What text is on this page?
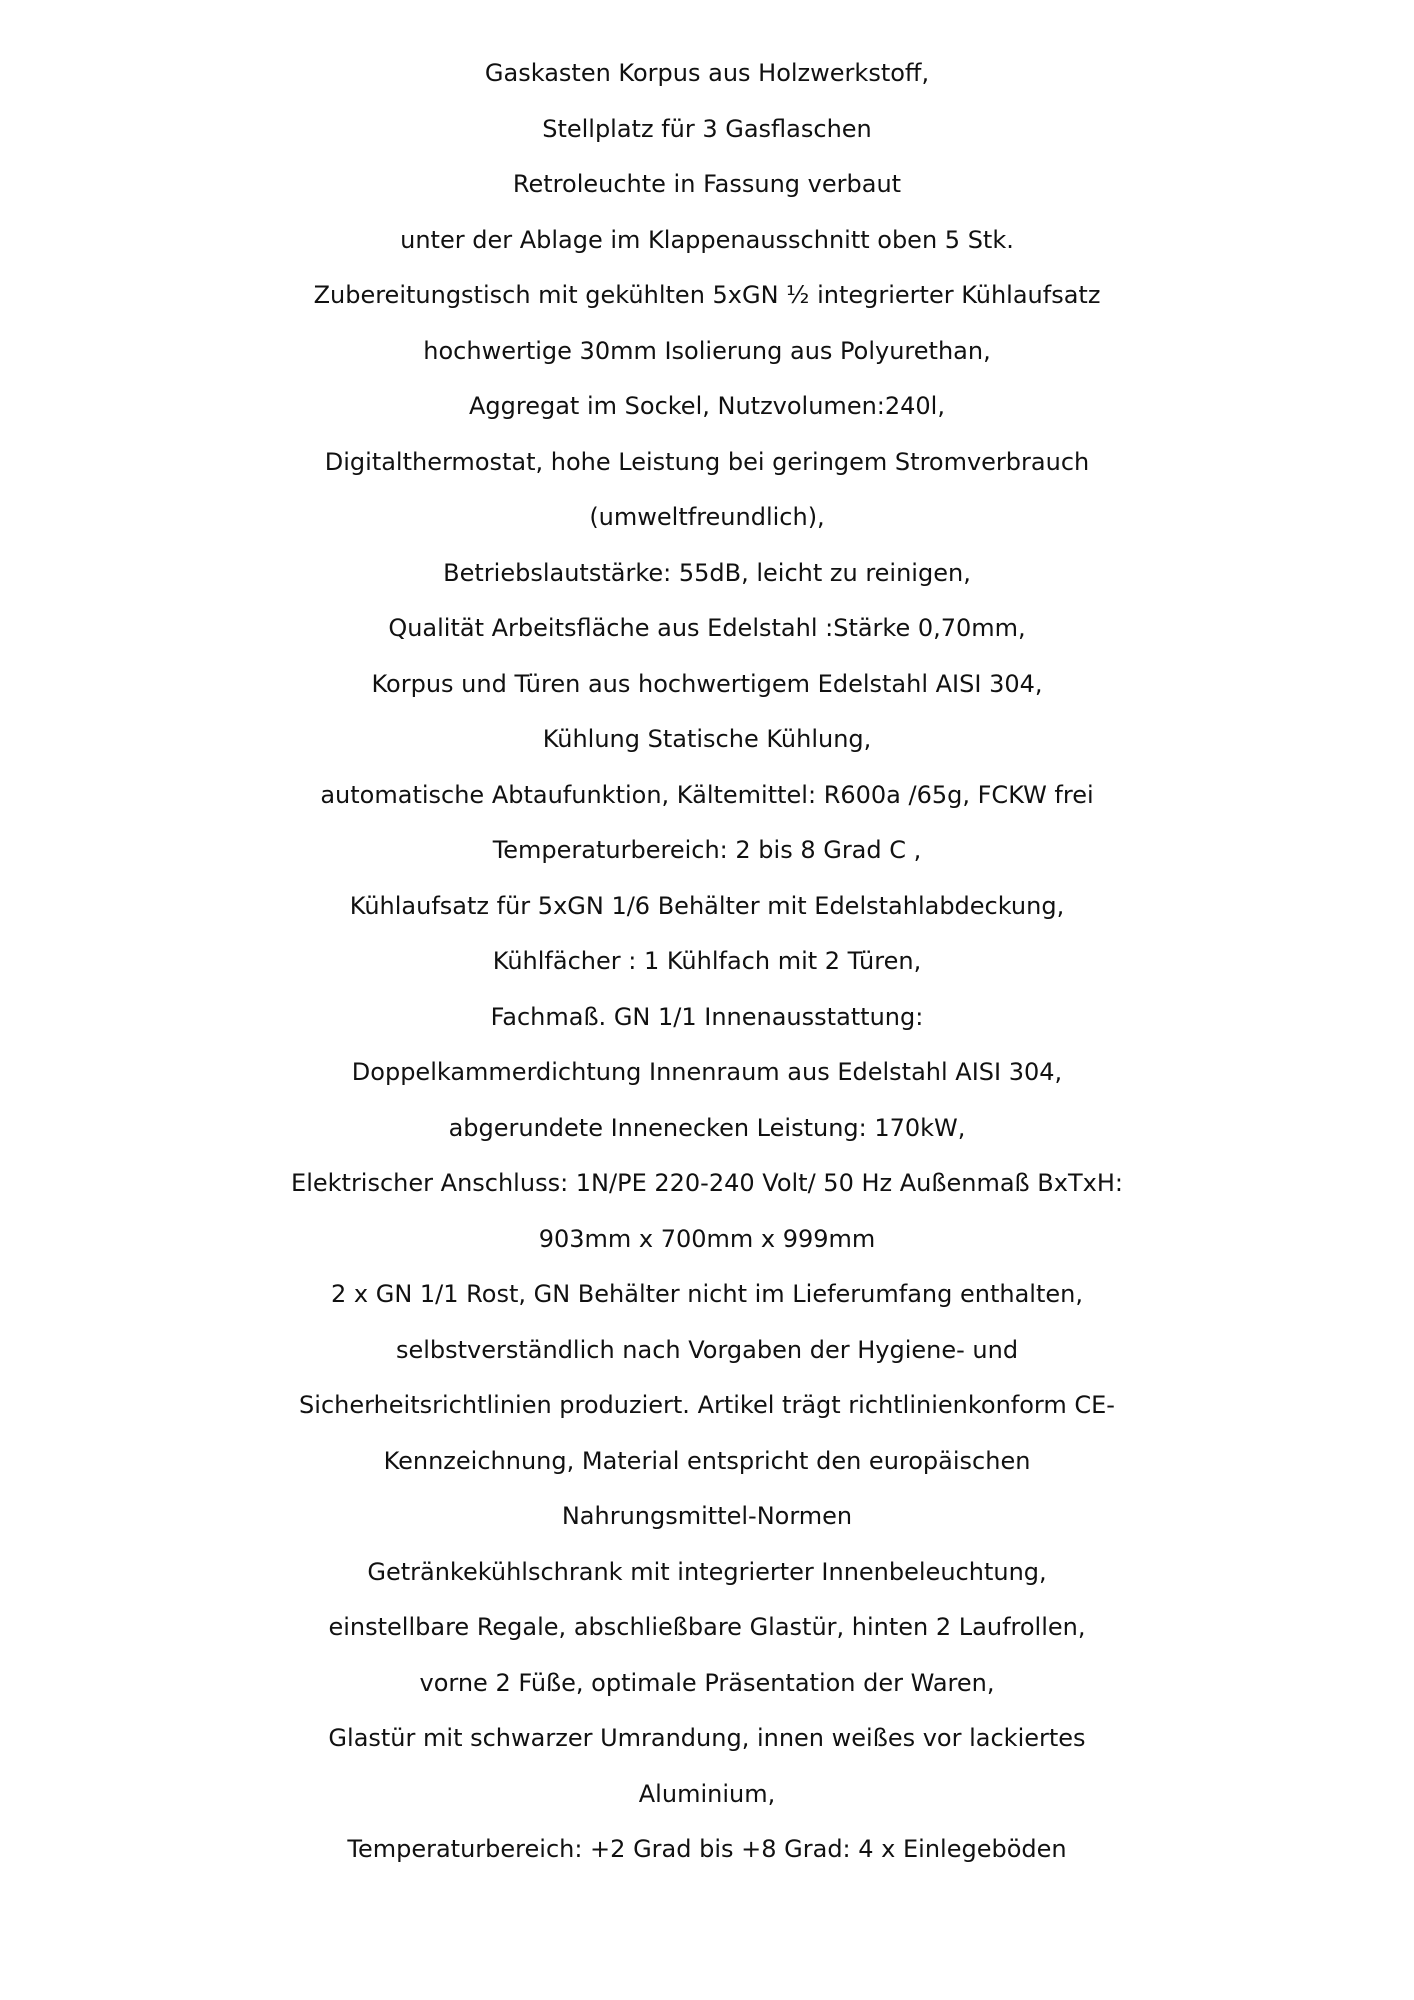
Gaskasten Korpus aus Holzwerkstoff,
Stellplatz für 3 Gasflaschen
Retroleuchte in Fassung verbaut
unter der Ablage im Klappenausschnitt oben 5 Stk.
Zubereitungstisch mit gekühlten 5xGN ½ integrierter Kühlaufsatz
hochwertige 30mm Isolierung aus Polyurethan,
Aggregat im Sockel, Nutzvolumen:240l,
Digitalthermostat, hohe Leistung bei geringem Stromverbrauch
(umweltfreundlich),
Betriebslautstärke: 55dB, leicht zu reinigen,
Qualität Arbeitsfläche aus Edelstahl :Stärke 0,70mm,
Korpus und Türen aus hochwertigem Edelstahl AISI 304,
Kühlung Statische Kühlung,
automatische Abtaufunktion, Kältemittel: R600a /65g, FCKW frei
Temperaturbereich: 2 bis 8 Grad C ,
Kühlaufsatz für 5xGN 1/6 Behälter mit Edelstahlabdeckung,
Kühlfächer : 1 Kühlfach mit 2 Türen,
Fachmaß. GN 1/1 Innenausstattung:
Doppelkammerdichtung Innenraum aus Edelstahl AISI 304,
abgerundete Innenecken Leistung: 170kW,
Elektrischer Anschluss: 1N/PE 220-240 Volt/ 50 Hz Außenmaß BxTxH:
903mm x 700mm x 999mm
2 x GN 1/1 Rost, GN Behälter nicht im Lieferumfang enthalten,
selbstverständlich nach Vorgaben der Hygiene- und
Sicherheitsrichtlinien produziert. Artikel trägt richtlinienkonform CE-
Kennzeichnung, Material entspricht den europäischen
Nahrungsmittel-Normen
Getränkekühlschrank mit integrierter Innenbeleuchtung,
einstellbare Regale, abschließbare Glastür, hinten 2 Laufrollen,
vorne 2 Füße, optimale Präsentation der Waren,
Glastür mit schwarzer Umrandung, innen weißes vor lackiertes
Aluminium,
Temperaturbereich: +2 Grad bis +8 Grad: 4 x Einlegeböden
